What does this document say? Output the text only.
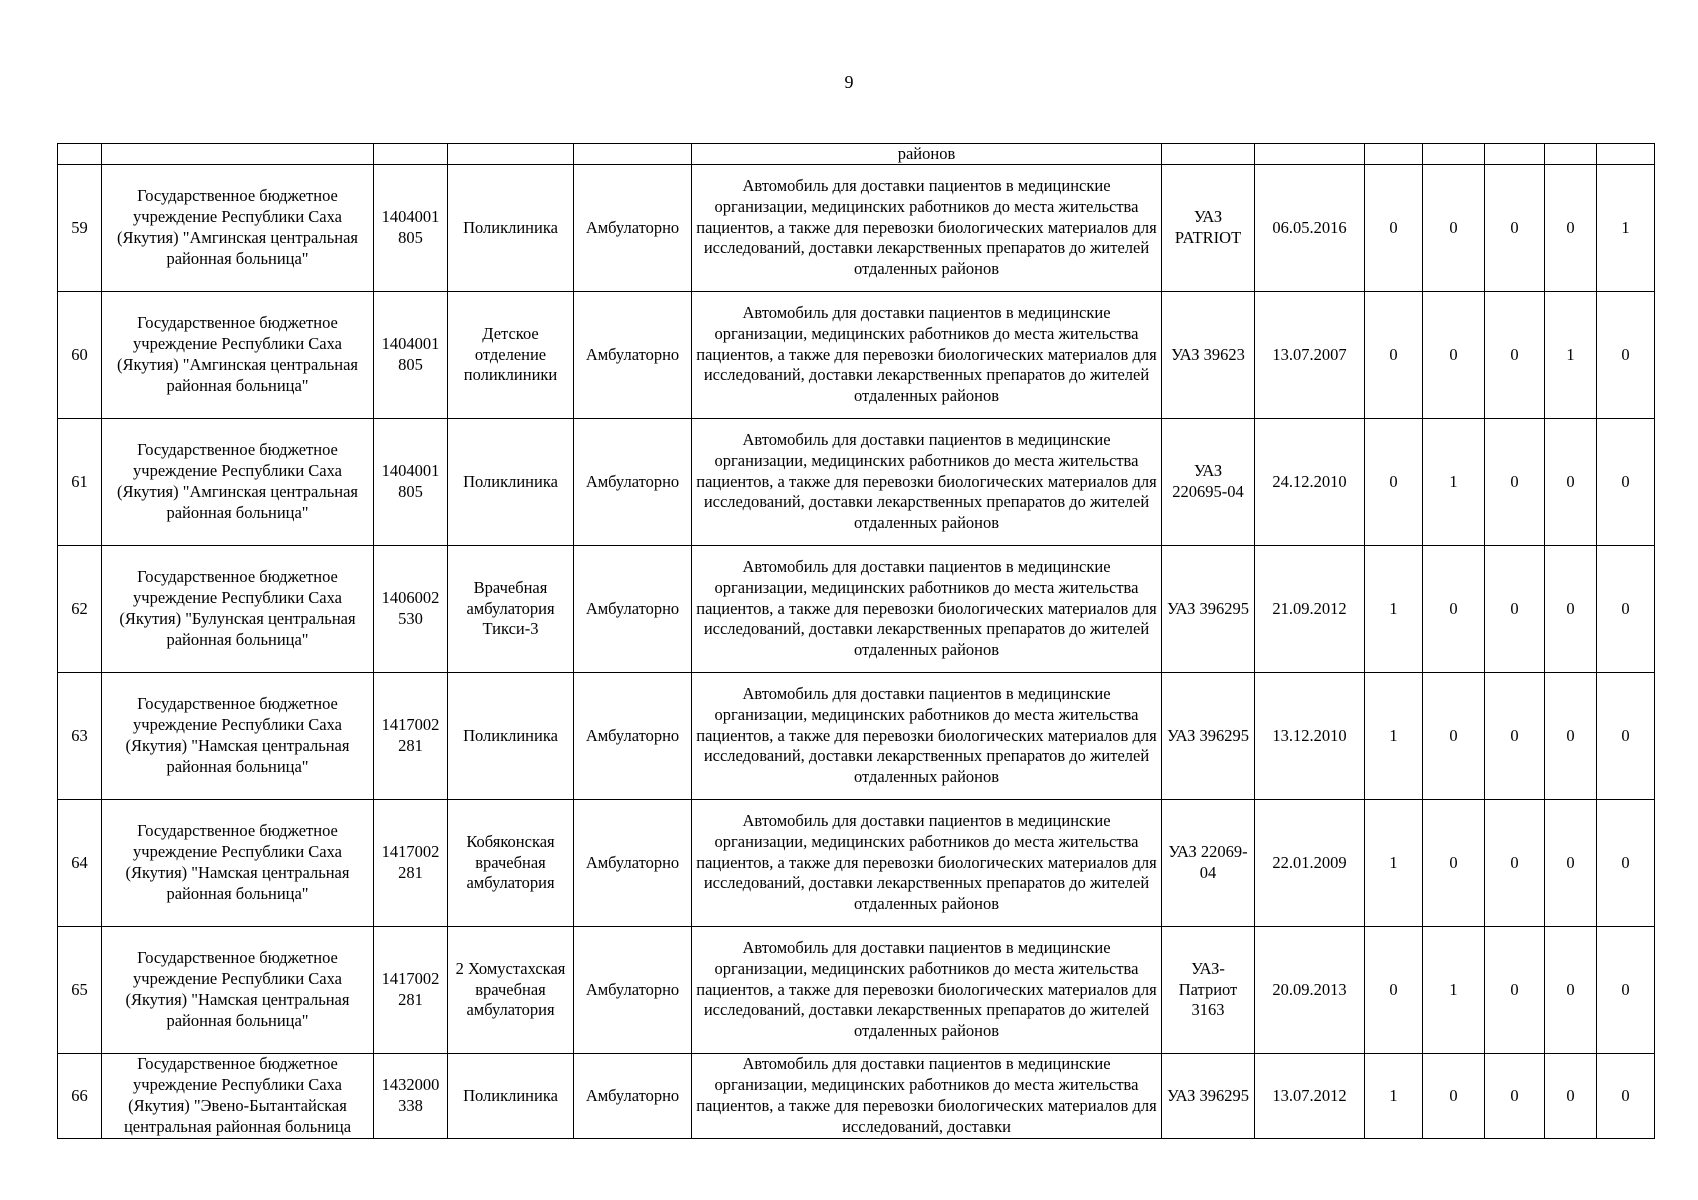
9
					районов							
59	Государственное бюджетное учреждение Республики Саха (Якутия) "Амгинская центральная районная больница"	1404001 805	Поликлиника	Амбулаторно	Автомобиль для доставки пациентов в медицинские организации, медицинских работников до места жительства пациентов, а также для перевозки биологических материалов для исследований, доставки лекарственных препаратов до жителей отдаленных районов	УАЗ PATRIOT	06.05.2016	0	0	0	0	1
60	Государственное бюджетное учреждение Республики Саха (Якутия) "Амгинская центральная районная больница"	1404001 805	Детское отделение поликлиники	Амбулаторно	Автомобиль для доставки пациентов в медицинские организации, медицинских работников до места жительства пациентов, а также для перевозки биологических материалов для исследований, доставки лекарственных препаратов до жителей отдаленных районов	УАЗ 39623	13.07.2007	0	0	0	1	0
61	Государственное бюджетное учреждение Республики Саха (Якутия) "Амгинская центральная районная больница"	1404001 805	Поликлиника	Амбулаторно	Автомобиль для доставки пациентов в медицинские организации, медицинских работников до места жительства пациентов, а также для перевозки биологических материалов для исследований, доставки лекарственных препаратов до жителей отдаленных районов	УАЗ 220695-04	24.12.2010	0	1	0	0	0
62	Государственное бюджетное учреждение Республики Саха (Якутия) "Булунская центральная районная больница"	1406002 530	Врачебная амбулатория Тикси-3	Амбулаторно	Автомобиль для доставки пациентов в медицинские организации, медицинских работников до места жительства пациентов, а также для перевозки биологических материалов для исследований, доставки лекарственных препаратов до жителей отдаленных районов	УАЗ 396295	21.09.2012	1	0	0	0	0
63	Государственное бюджетное учреждение Республики Саха (Якутия) "Намская центральная районная больница"	1417002 281	Поликлиника	Амбулаторно	Автомобиль для доставки пациентов в медицинские организации, медицинских работников до места жительства пациентов, а также для перевозки биологических материалов для исследований, доставки лекарственных препаратов до жителей отдаленных районов	УАЗ 396295	13.12.2010	1	0	0	0	0
64	Государственное бюджетное учреждение Республики Саха (Якутия) "Намская центральная районная больница"	1417002 281	Кобяконская врачебная амбулатория	Амбулаторно	Автомобиль для доставки пациентов в медицинские организации, медицинских работников до места жительства пациентов, а также для перевозки биологических материалов для исследований, доставки лекарственных препаратов до жителей отдаленных районов	УАЗ 22069-04	22.01.2009	1	0	0	0	0
65	Государственное бюджетное учреждение Республики Саха (Якутия) "Намская центральная районная больница"	1417002 281	2 Хомустахская врачебная амбулатория	Амбулаторно	Автомобиль для доставки пациентов в медицинские организации, медицинских работников до места жительства пациентов, а также для перевозки биологических материалов для исследований, доставки лекарственных препаратов до жителей отдаленных районов	УАЗ-Патриот 3163	20.09.2013	0	1	0	0	0
66	Государственное бюджетное учреждение Республики Саха (Якутия) "Эвено-Бытантайская центральная районная больница	1432000 338	Поликлиника	Амбулаторно	Автомобиль для доставки пациентов в медицинские организации, медицинских работников до места жительства пациентов, а также для перевозки биологических материалов для исследований, доставки	УАЗ 396295	13.07.2012	1	0	0	0	0
